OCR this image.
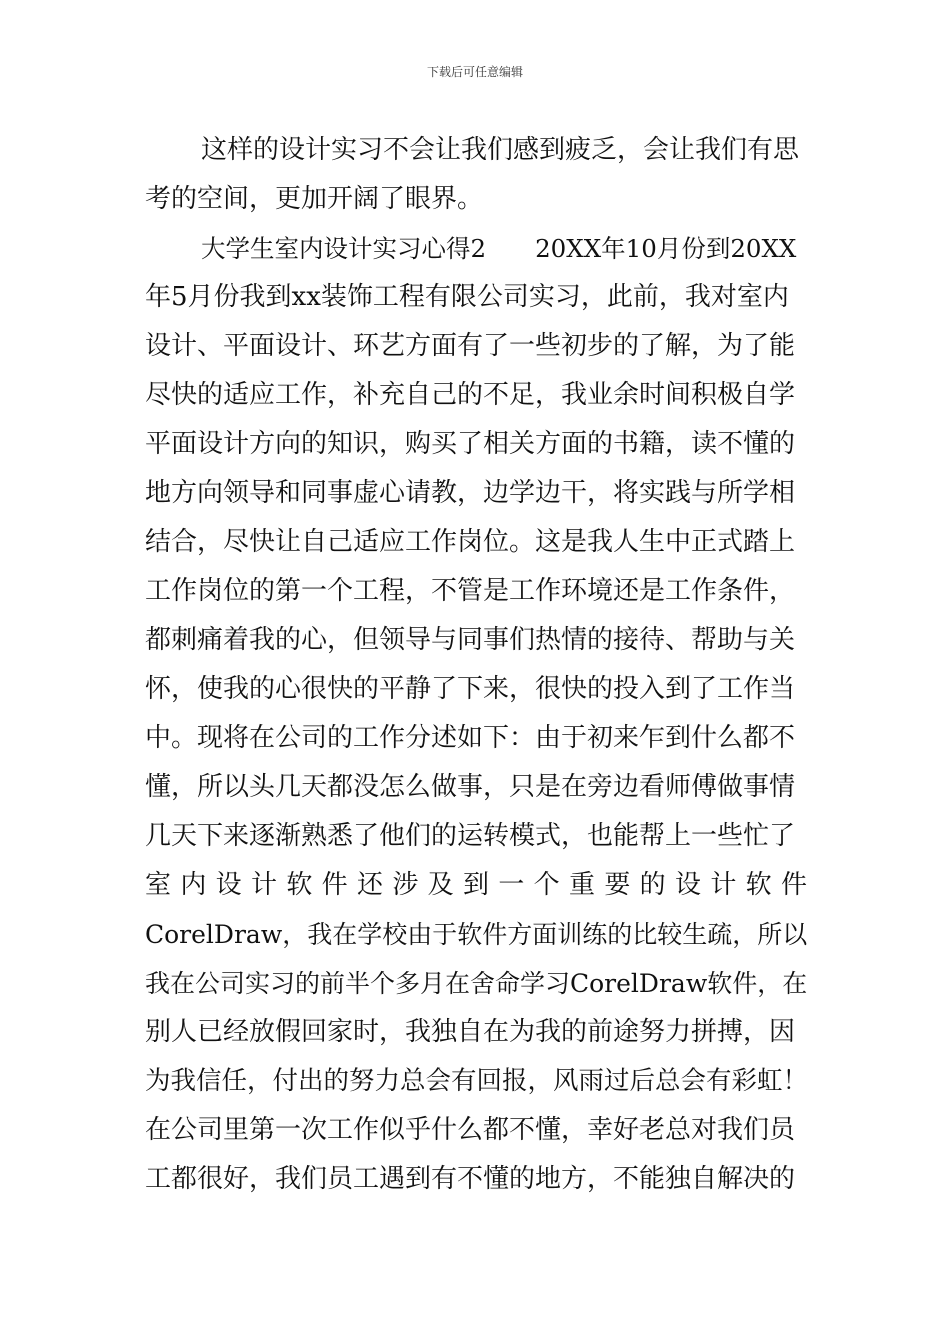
下载后可任意编辑
这样的设计实习不会让我们感到疲乏，会让我们有思
考的空间，更加开阔了眼界。
大学生室内设计实习心得2　　20XX年10月份到20XX
年5月份我到xx装饰工程有限公司实习，此前，我对室内
设计、平面设计、环艺方面有了一些初步的了解，为了能
尽快的适应工作，补充自己的不足，我业余时间积极自学
平面设计方向的知识，购买了相关方面的书籍，读不懂的
地方向领导和同事虚心请教，边学边干，将实践与所学相
结合，尽快让自己适应工作岗位。这是我人生中正式踏上
工作岗位的第一个工程，不管是工作环境还是工作条件，
都刺痛着我的心，但领导与同事们热情的接待、帮助与关
怀，使我的心很快的平静了下来，很快的投入到了工作当
中。现将在公司的工作分述如下：由于初来乍到什么都不
懂，所以头几天都没怎么做事，只是在旁边看师傅做事情
几天下来逐渐熟悉了他们的运转模式，也能帮上一些忙了
室 内 设 计 软 件 还 涉 及 到 一 个 重 要 的 设 计 软 件
CorelDraw，我在学校由于软件方面训练的比较生疏，所以
我在公司实习的前半个多月在舍命学习CorelDraw软件，在
别人已经放假回家时，我独自在为我的前途努力拼搏，因
为我信任，付出的努力总会有回报，风雨过后总会有彩虹！
在公司里第一次工作似乎什么都不懂，幸好老总对我们员
工都很好，我们员工遇到有不懂的地方，不能独自解决的
